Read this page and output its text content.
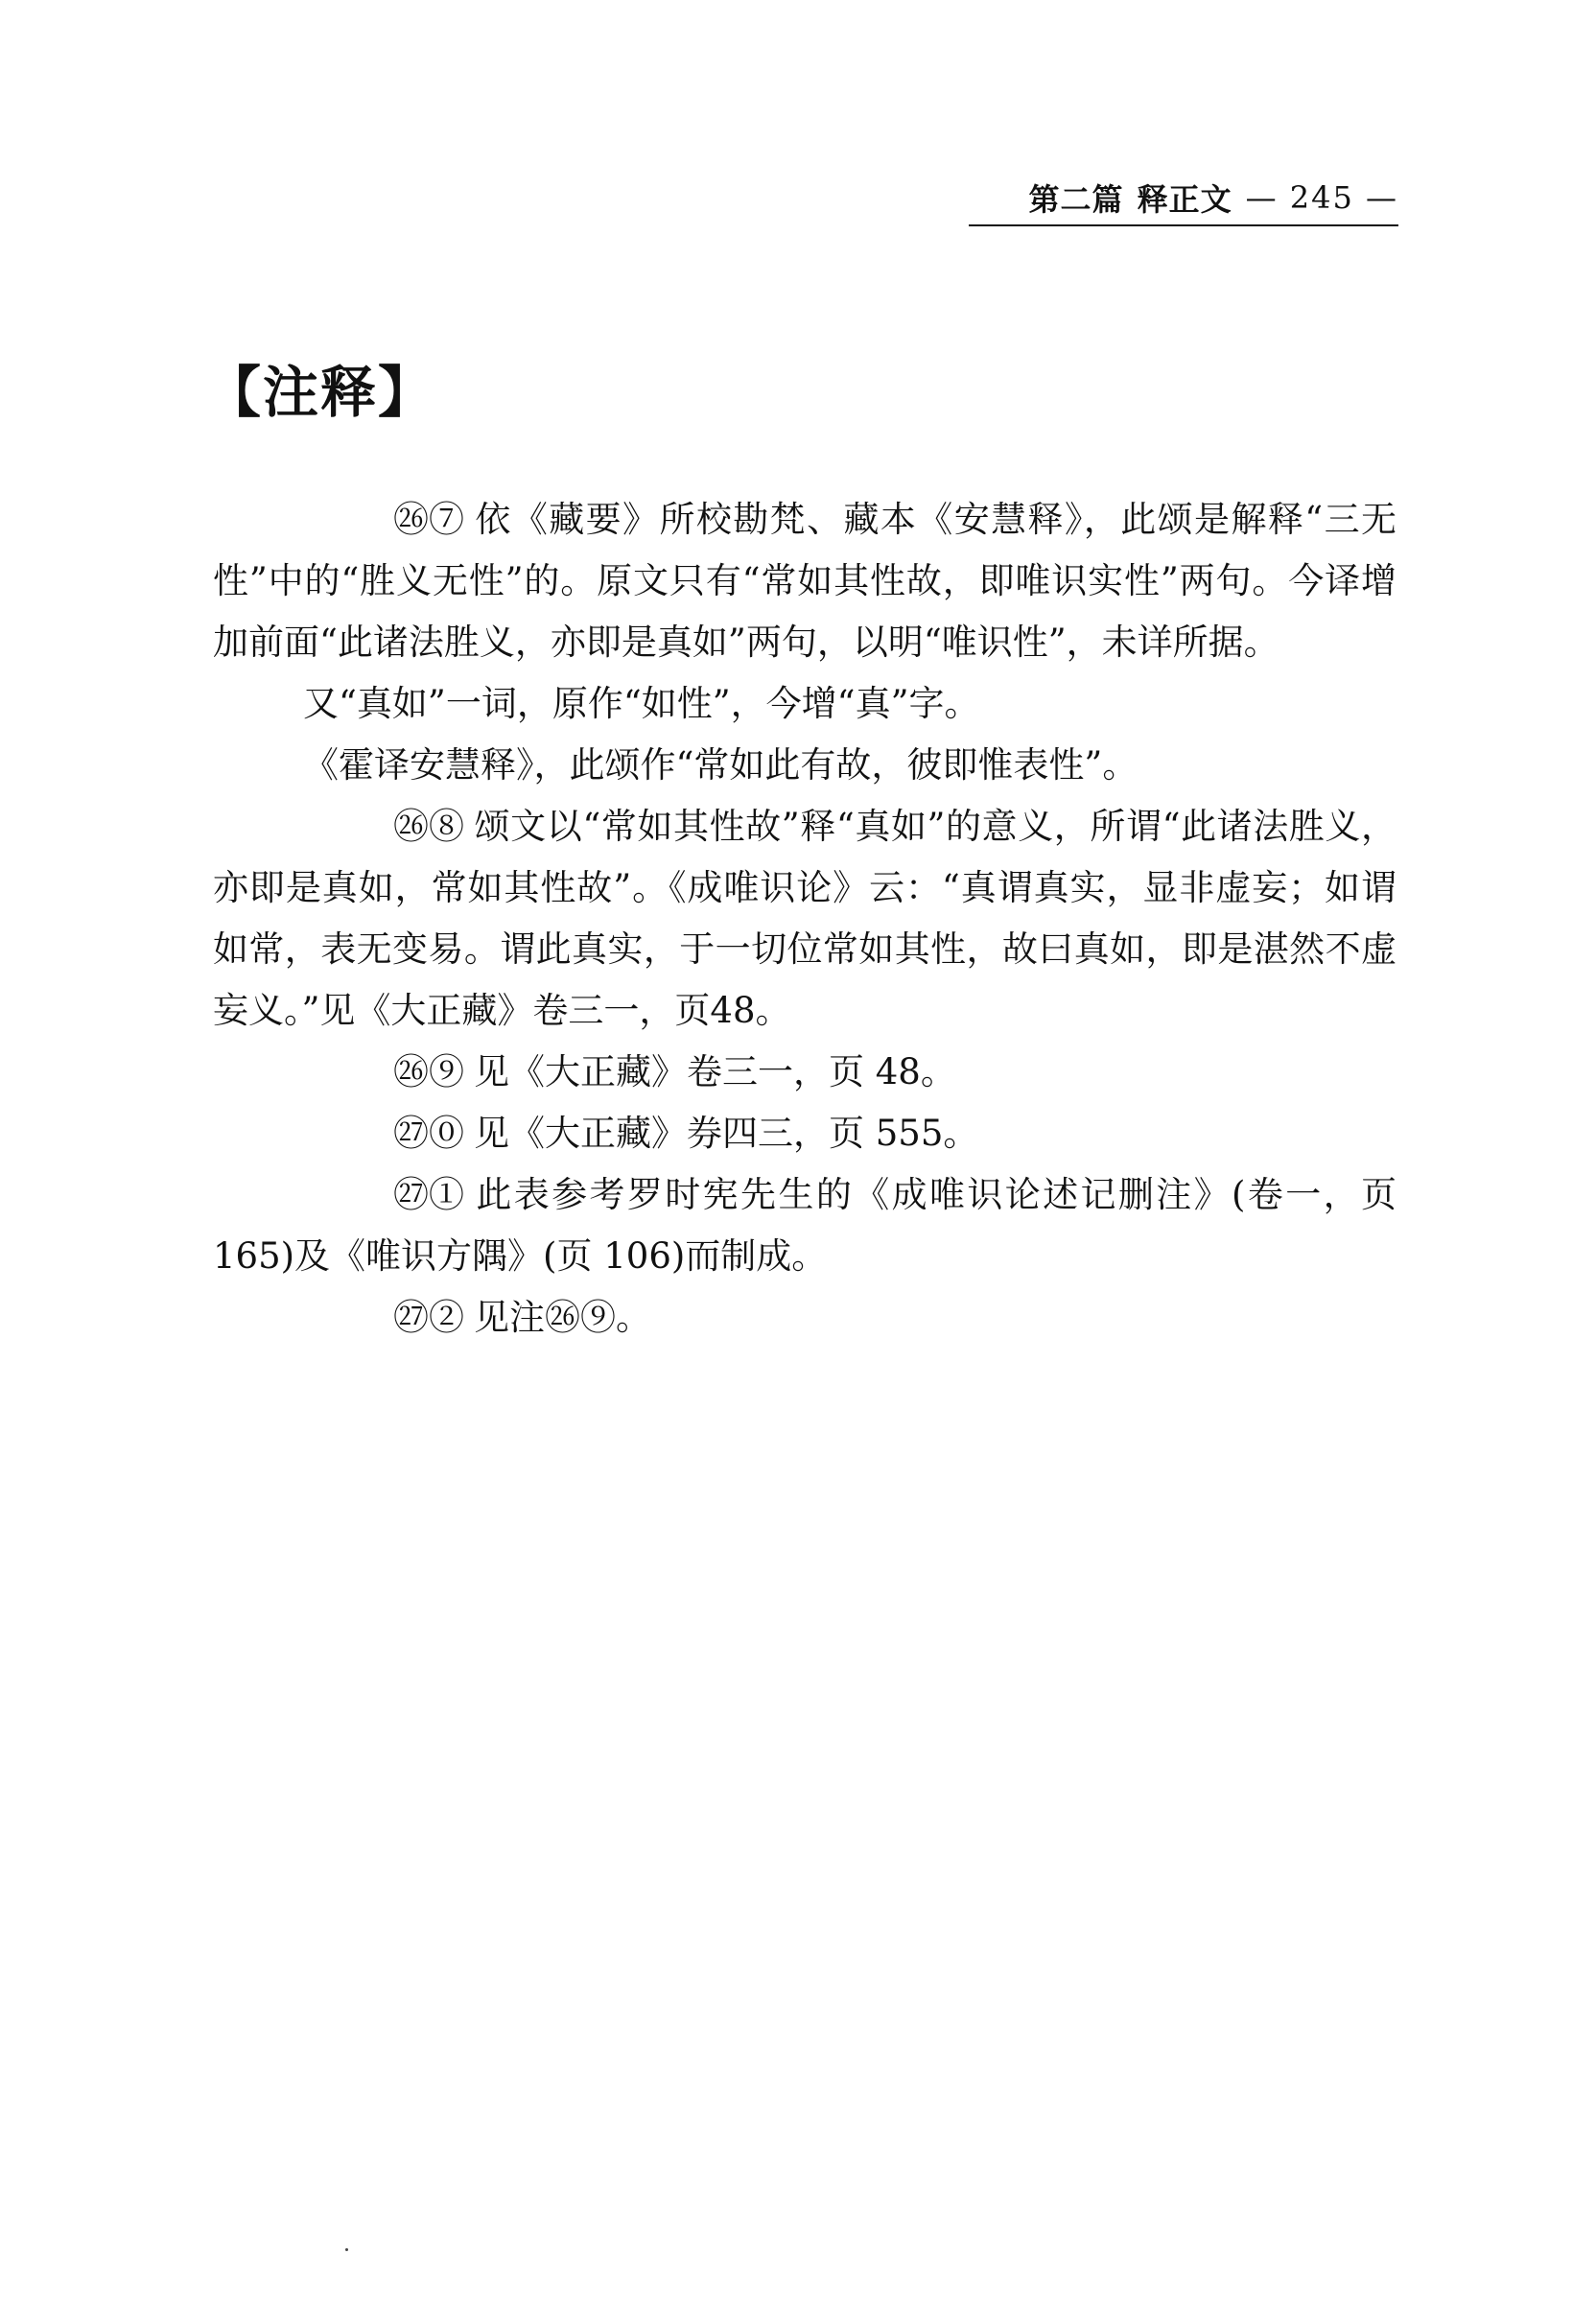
第二篇 释正文 — 245 —
【注释】

㉖⑦ 依《藏要》所校勘梵、藏本《安慧释》，此颂是解释“三无性”中的“胜义无性”的。原文只有“常如其性故，即唯识实性”两句。今译增加前面“此诸法胜义，亦即是真如”两句，以明“唯识性”，未详所据。

又“真如”一词，原作“如性”，今增“真”字。

《霍译安慧释》，此颂作“常如此有故，彼即惟表性”。

㉖⑧ 颂文以“常如其性故”释“真如”的意义，所谓“此诸法胜义，亦即是真如，常如其性故”。《成唯识论》云：“真谓真实，显非虚妄；如谓如常，表无变易。谓此真实，于一切位常如其性，故曰真如，即是湛然不虚妄义。”见《大正藏》卷三一，页48。

㉖⑨ 见《大正藏》卷三一，页 48。

㉗⓪ 见《大正藏》券四三，页 555。

㉗① 此表参考罗时宪先生的《成唯识论述记删注》(卷一，页 165)及《唯识方隅》(页 106)而制成。

㉗② 见注㉖⑨。
